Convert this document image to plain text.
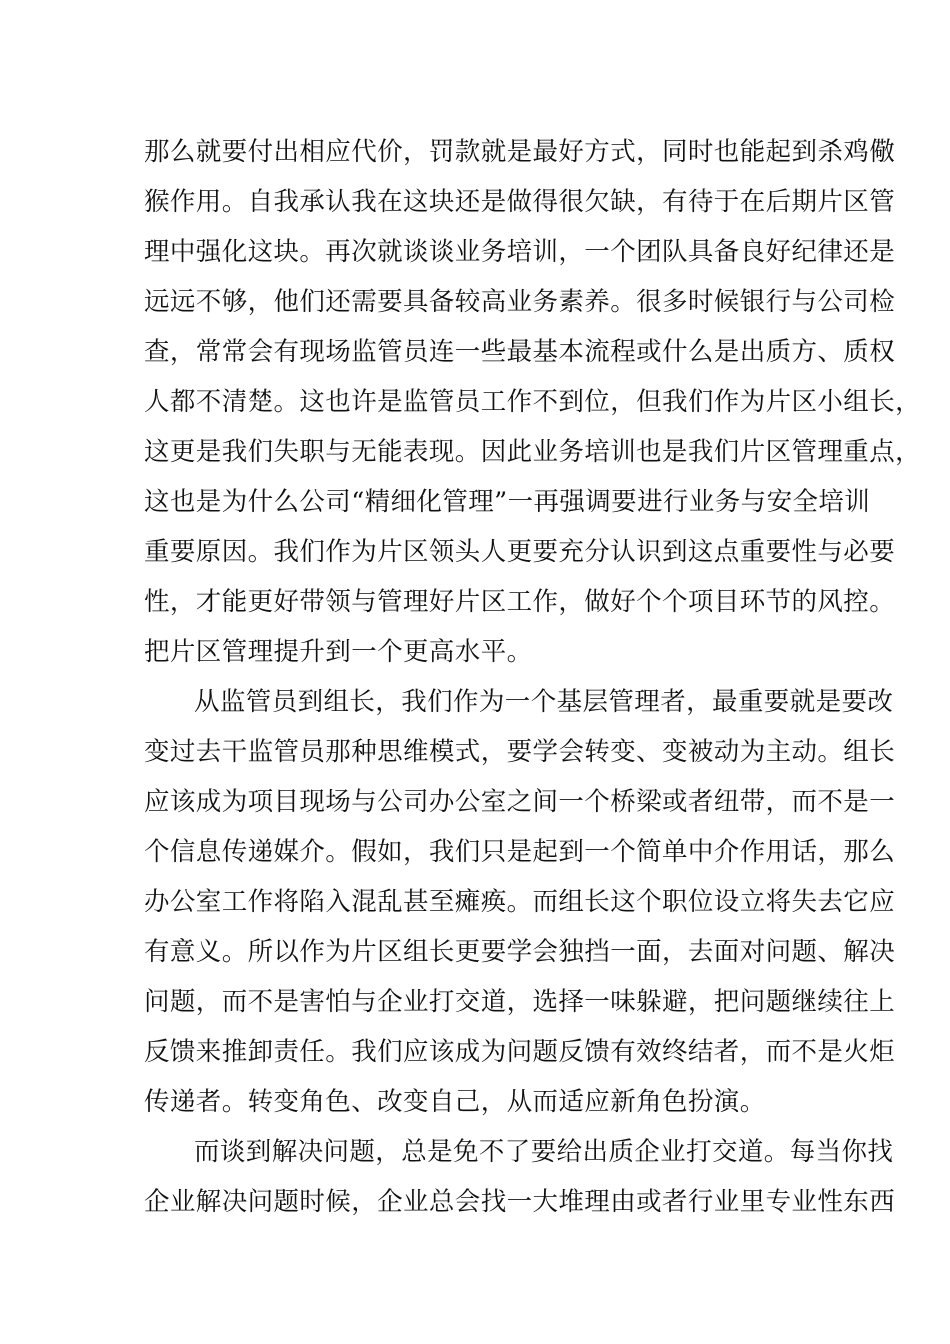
那么就要付出相应代价，罚款就是最好方式，同时也能起到杀鸡儆

猴作用。自我承认我在这块还是做得很欠缺，有待于在后期片区管

理中强化这块。再次就谈谈业务培训，一个团队具备良好纪律还是

远远不够，他们还需要具备较高业务素养。很多时候银行与公司检

查，常常会有现场监管员连一些最基本流程或什么是出质方、质权

人都不清楚。这也许是监管员工作不到位，但我们作为片区小组长，

这更是我们失职与无能表现。因此业务培训也是我们片区管理重点，

这也是为什么公司“精细化管理”一再强调要进行业务与安全培训

重要原因。我们作为片区领头人更要充分认识到这点重要性与必要

性，才能更好带领与管理好片区工作，做好个个项目环节的风控。

把片区管理提升到一个更高水平。

从监管员到组长，我们作为一个基层管理者，最重要就是要改

变过去干监管员那种思维模式，要学会转变、变被动为主动。组长

应该成为项目现场与公司办公室之间一个桥梁或者纽带，而不是一

个信息传递媒介。假如，我们只是起到一个简单中介作用话，那么

办公室工作将陷入混乱甚至瘫痪。而组长这个职位设立将失去它应

有意义。所以作为片区组长更要学会独挡一面，去面对问题、解决

问题，而不是害怕与企业打交道，选择一味躲避，把问题继续往上

反馈来推卸责任。我们应该成为问题反馈有效终结者，而不是火炬

传递者。转变角色、改变自己，从而适应新角色扮演。

而谈到解决问题，总是免不了要给出质企业打交道。每当你找

企业解决问题时候，企业总会找一大堆理由或者行业里专业性东西
